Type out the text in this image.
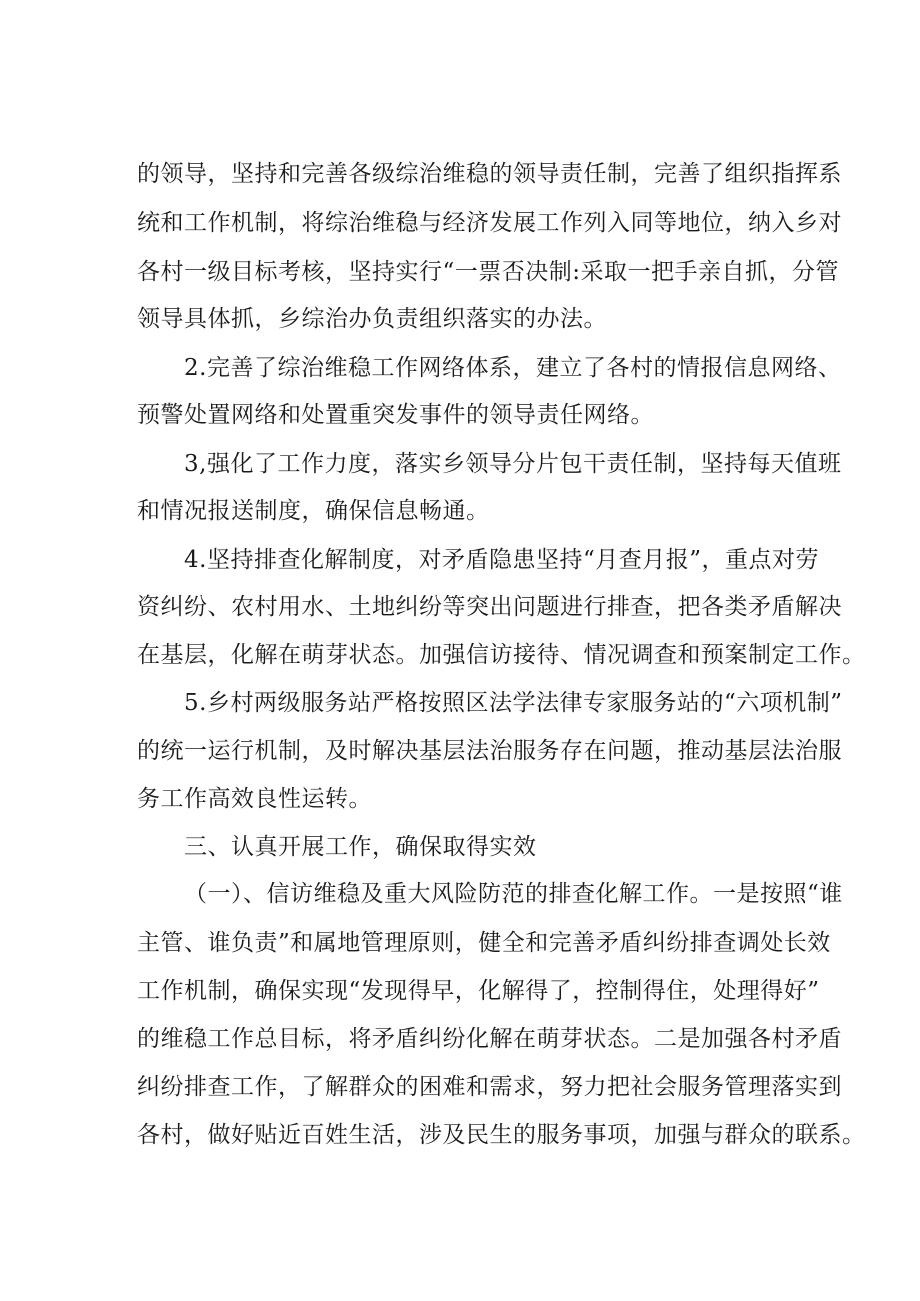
的领导，坚持和完善各级综治维稳的领导责任制，完善了组织指挥系
统和工作机制，将综治维稳与经济发展工作列入同等地位，纳入乡对
各村一级目标考核，坚持实行“一票否决制:采取一把手亲自抓，分管
领导具体抓，乡综治办负责组织落实的办法。
2.完善了综治维稳工作网络体系，建立了各村的情报信息网络、
预警处置网络和处置重突发事件的领导责任网络。
3,强化了工作力度，落实乡领导分片包干责任制，坚持每天值班
和情况报送制度，确保信息畅通。
4.坚持排查化解制度，对矛盾隐患坚持“月查月报”，重点对劳
资纠纷、农村用水、土地纠纷等突出问题进行排查，把各类矛盾解决
在基层，化解在萌芽状态。加强信访接待、情况调查和预案制定工作。
5.乡村两级服务站严格按照区法学法律专家服务站的“六项机制”
的统一运行机制，及时解决基层法治服务存在问题，推动基层法治服
务工作高效良性运转。
三、认真开展工作，确保取得实效
（一）、信访维稳及重大风险防范的排查化解工作。一是按照“谁
主管、谁负责”和属地管理原则，健全和完善矛盾纠纷排查调处长效
工作机制，确保实现“发现得早，化解得了，控制得住，处理得好”
的维稳工作总目标，将矛盾纠纷化解在萌芽状态。二是加强各村矛盾
纠纷排查工作，了解群众的困难和需求，努力把社会服务管理落实到
各村，做好贴近百姓生活，涉及民生的服务事项，加强与群众的联系。
